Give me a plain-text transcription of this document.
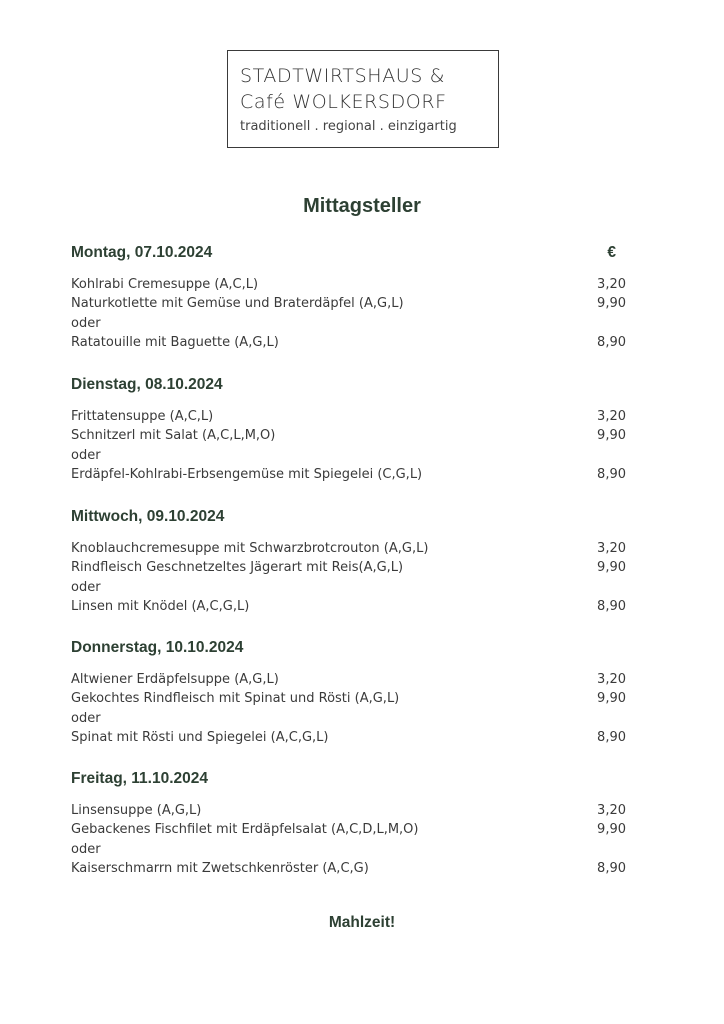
STADTWIRTSHAUS &
Café WOLKERSDORF
traditionell . regional . einzigartig
Mittagsteller
Montag, 07.10.2024	€
Kohlrabi Cremesuppe (A,C,L)	3,20
Naturkotlette mit Gemüse und Braterdäpfel (A,G,L)	9,90
oder
Ratatouille mit Baguette (A,G,L)	8,90
Dienstag, 08.10.2024
Frittatensuppe (A,C,L)	3,20
Schnitzerl mit Salat (A,C,L,M,O)	9,90
oder
Erdäpfel-Kohlrabi-Erbsengemüse mit Spiegelei (C,G,L)	8,90
Mittwoch, 09.10.2024
Knoblauchcremesuppe mit Schwarzbrotcrouton (A,G,L)	3,20
Rindfleisch Geschnetzeltes Jägerart mit Reis(A,G,L)	9,90
oder
Linsen mit Knödel (A,C,G,L)	8,90
Donnerstag, 10.10.2024
Altwiener Erdäpfelsuppe (A,G,L)	3,20
Gekochtes Rindfleisch mit Spinat und Rösti (A,G,L)	9,90
oder
Spinat mit Rösti und Spiegelei (A,C,G,L)	8,90
Freitag, 11.10.2024
Linsensuppe (A,G,L)	3,20
Gebackenes Fischfilet mit Erdäpfelsalat (A,C,D,L,M,O)	9,90
oder
Kaiserschmarrn mit Zwetschkenröster (A,C,G)	8,90
Mahlzeit!
